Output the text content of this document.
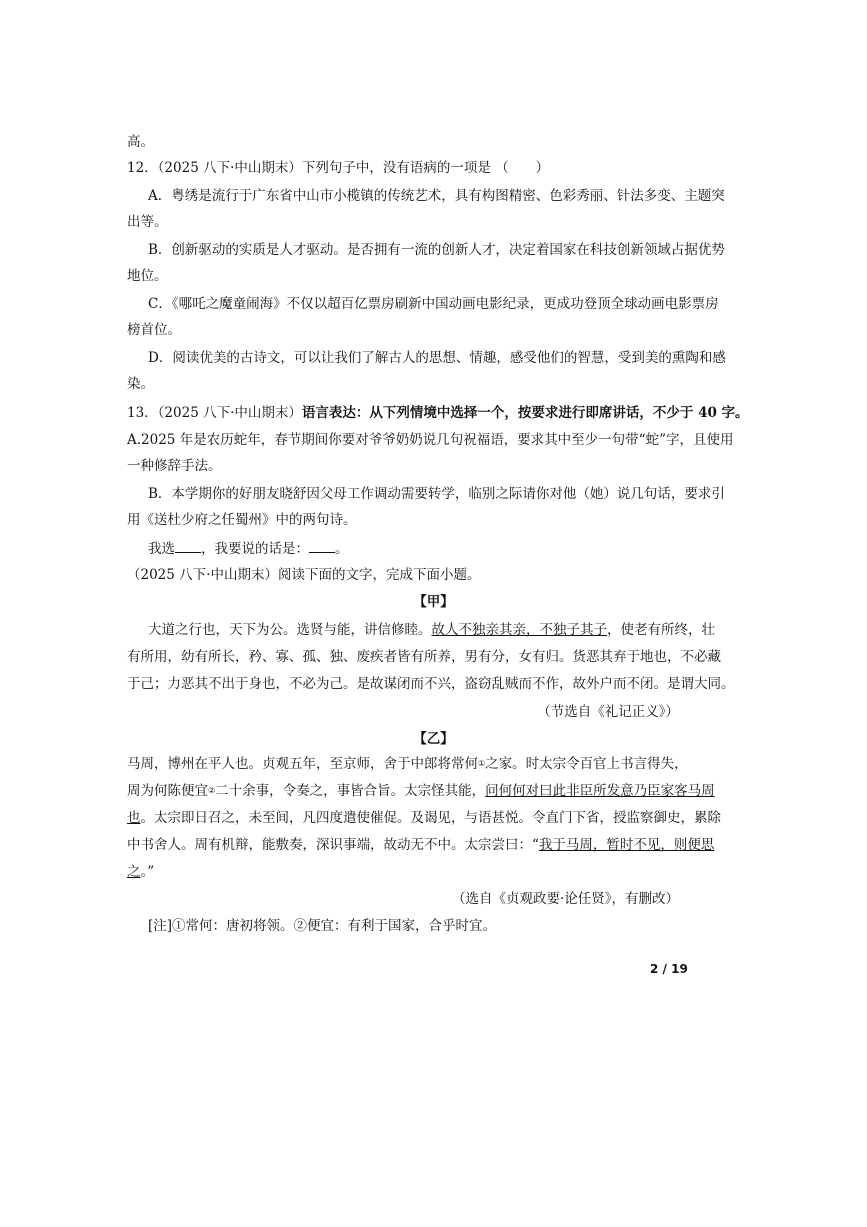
高。
12．（2025 八下·中山期末）下列句子中，没有语病的一项是 （　　）
A．粤绣是流行于广东省中山市小榄镇的传统艺术，具有构图精密、色彩秀丽、针法多变、主题突
出等。
B．创新驱动的实质是人才驱动。是否拥有一流的创新人才，决定着国家在科技创新领域占据优势
地位。
C．《哪吒之魔童闹海》不仅以超百亿票房刷新中国动画电影纪录，更成功登顶全球动画电影票房
榜首位。
D．阅读优美的古诗文，可以让我们了解古人的思想、情趣，感受他们的智慧，受到美的熏陶和感
染。
13．（2025 八下·中山期末）语言表达：从下列情境中选择一个，按要求进行即席讲话，不少于 40 字。
A.2025 年是农历蛇年，春节期间你要对爷爷奶奶说几句祝福语，要求其中至少一句带“蛇”字，且使用
一种修辞手法。
B．本学期你的好朋友晓舒因父母工作调动需要转学，临别之际请你对他（她）说几句话，要求引
用《送杜少府之任蜀州》中的两句诗。
我选 ，我要说的话是： 。
（2025 八下·中山期末）阅读下面的文字，完成下面小题。
【甲】
大道之行也，天下为公。选贤与能，讲信修睦。故人不独亲其亲，不独子其子，使老有所终，壮
有所用，幼有所长，矜、寡、孤、独、废疾者皆有所养，男有分，女有归。货恶其弃于地也，不必藏
于己；力恶其不出于身也，不必为己。是故谋闭而不兴，盗窃乱贼而不作，故外户而不闭。是谓大同。
（节选自《礼记正义》）
【乙】
马周，博州在平人也。贞观五年，至京师，舍于中郎将常何①之家。时太宗令百官上书言得失，
周为何陈便宜②二十余事，令奏之，事皆合旨。太宗怪其能，问何何对曰此非臣所发意乃臣家客马周
也。太宗即日召之，未至间，凡四度遣使催促。及谒见，与语甚悦。令直门下省，授监察御史，累除
中书舍人。周有机辩，能敷奏，深识事端，故动无不中。太宗尝曰：“我于马周，暂时不见，则便思
之。”
（选自《贞观政要·论任贤》，有删改）
[注]①常何：唐初将领。②便宜：有利于国家，合乎时宜。
2 / 19
